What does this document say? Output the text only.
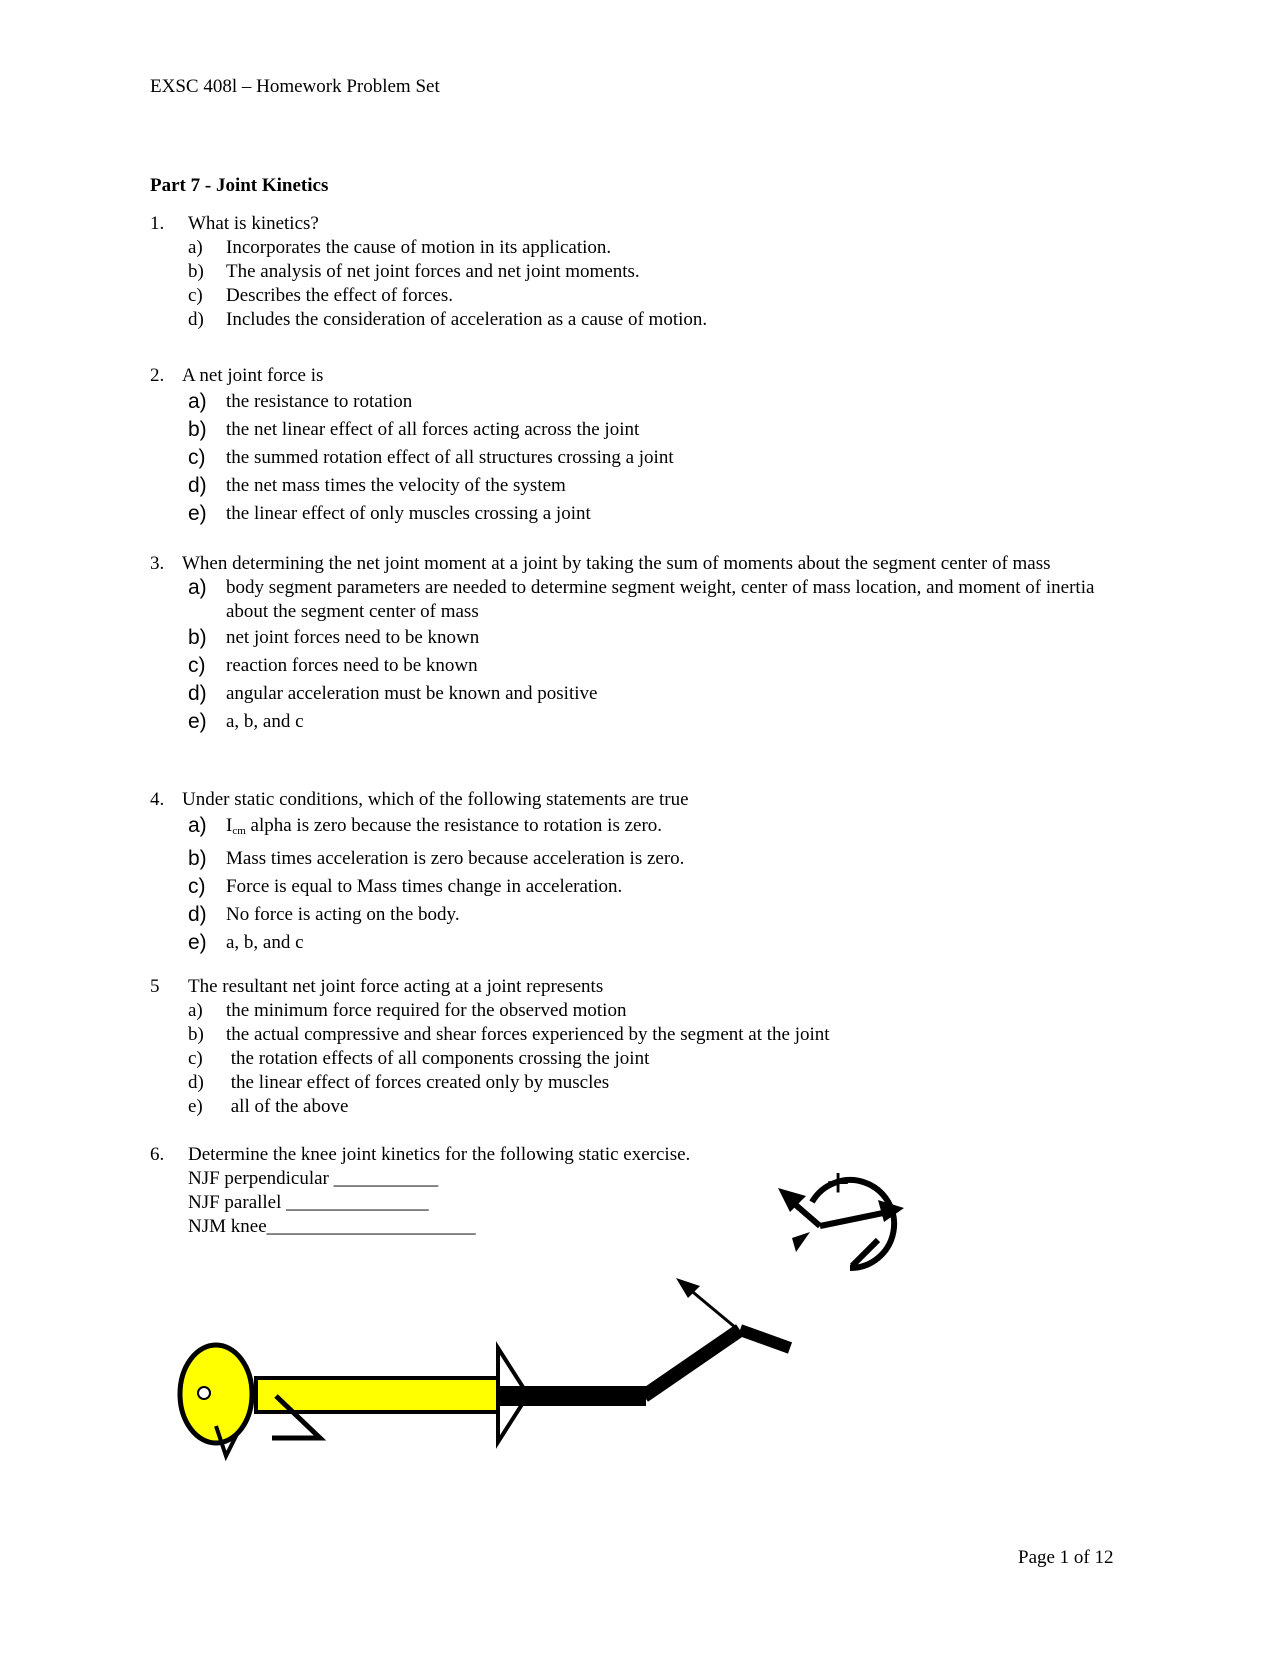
EXSC 408l – Homework Problem Set
Part 7 - Joint Kinetics
1.	What is kinetics?
a)	Incorporates the cause of motion in its application.
b)	The analysis of net joint forces and net joint moments.
c)	Describes the effect of forces.
d)	Includes the consideration of acceleration as a cause of motion.
2. A net joint force is
a)	the resistance to rotation
b)	the net linear effect of all forces acting across the joint
c)	the summed rotation effect of all structures crossing a joint
d)	the net mass times the velocity of the system
e)	the linear effect of only muscles crossing a joint
3. When determining the net joint moment at a joint by taking the sum of moments about the segment center of mass
a)	body segment parameters are needed to determine segment weight, center of mass location, and moment of inertia about the segment center of mass
b)	net joint forces need to be known
c)	reaction forces need to be known
d)	angular acceleration must be known and positive
e)	a, b, and c
4. Under static conditions, which of the following statements are true
a)	$I_{cm}$ alpha is zero because the resistance to rotation is zero.
b)	Mass times acceleration is zero because acceleration is zero.
c)	Force is equal to Mass times change in acceleration.
d)	No force is acting on the body.
e)	a, b, and c
5	The resultant net joint force acting at a joint represents
a)	the minimum force required for the observed motion
b)	the actual compressive and shear forces experienced by the segment at the joint
c)	the rotation effects of all components crossing the joint
d)	the linear effect of forces created only by muscles
e)	all of the above
6.	Determine the knee joint kinetics for the following static exercise.
NJF perpendicular ___________
NJF parallel _______________
NJM knee______________________
+
Page 1 of 12
